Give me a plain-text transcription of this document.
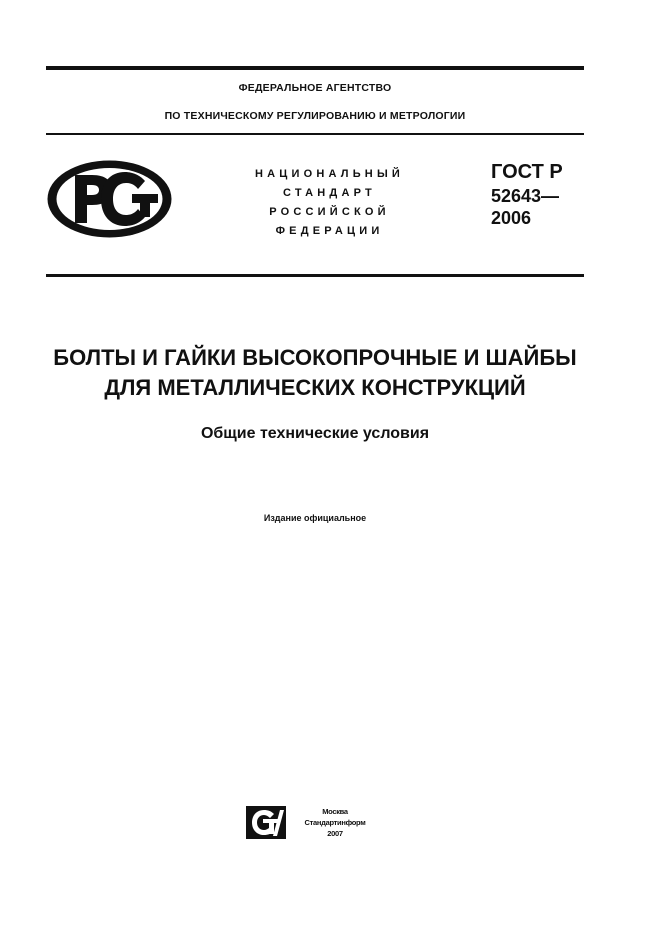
ФЕДЕРАЛЬНОЕ АГЕНТСТВО
ПО ТЕХНИЧЕСКОМУ РЕГУЛИРОВАНИЮ И МЕТРОЛОГИИ
НАЦИОНАЛЬНЫЙ
СТАНДАРТ
РОССИЙСКОЙ
ФЕДЕРАЦИИ
ГОСТ Р
52643—
2006
БОЛТЫ И ГАЙКИ ВЫСОКОПРОЧНЫЕ И ШАЙБЫ
ДЛЯ МЕТАЛЛИЧЕСКИХ КОНСТРУКЦИЙ
Общие технические условия
Издание официальное
Москва
Стандартинформ
2007
